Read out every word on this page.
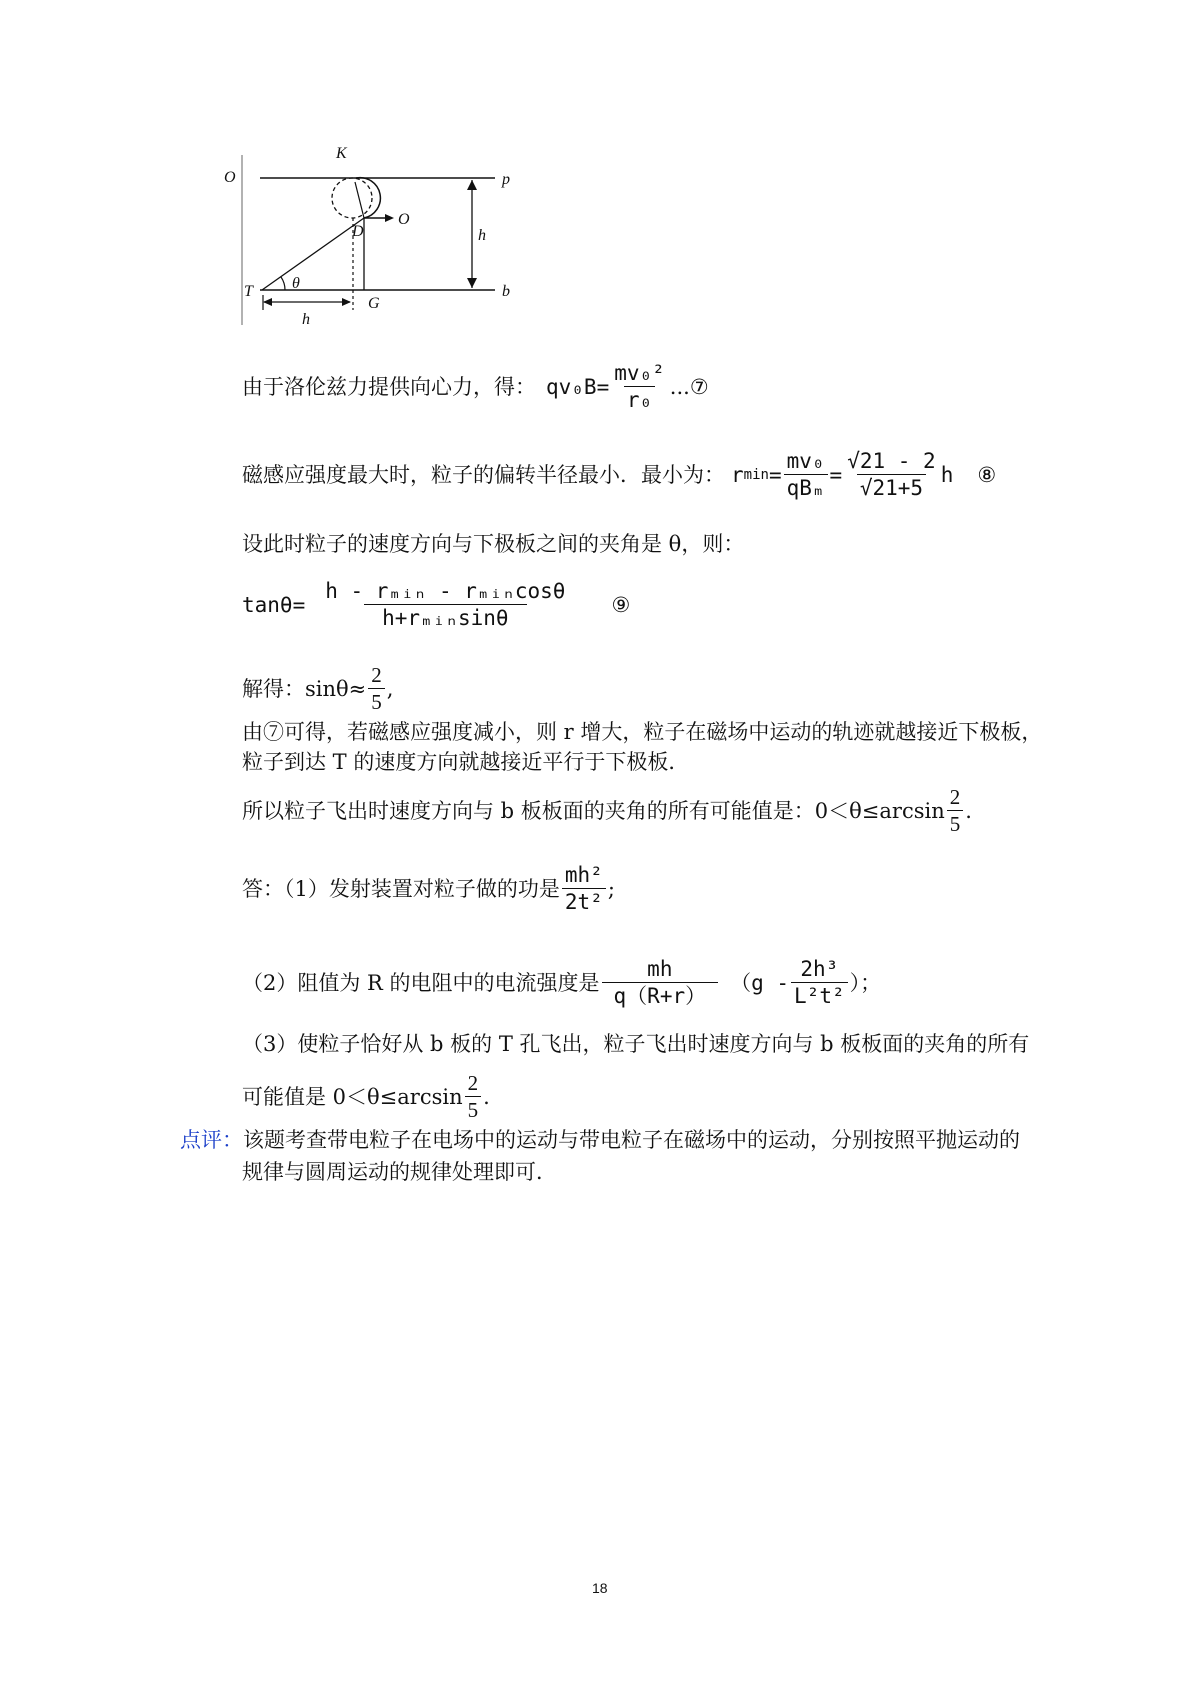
O
K
p
O
D	h
T θ
G
b
h
由于洛伦兹力提供向心力，得： $qv_0B= \frac{\text{mv₀²}}{\text{r₀}}$ ...⑦
磁感应强度最大时，粒子的偏转半径最小．最小为： r $\min = \frac{\text{mv₀}}{\text{qBₘ}} = \frac{√21 - 2}{√21+5}$ h ⑧
设此时粒子的速度方向与下极板之间的夹角是 θ，则：
$\tan\theta= \frac{\text{h - rₘᵢₙ - rₘᵢₙcosθ}}{\text{h+rₘᵢₙsinθ}}$ ⑨
解得：$\sin\theta\approx \frac{2}{5}$ ,
由⑦可得，若磁感应强度减小，则 r 增大，粒子在磁场中运动的轨迹就越接近下极板，
粒子到达 T 的速度方向就越接近平行于下极板．
所以粒子飞出时速度方向与 b 板板面的夹角的所有可能值是：$0<\theta\le\arcsin \frac{2}{5}$ .
答：（1）发射装置对粒子做的功是 $\frac{\text{mh²}}{\text{2t²}}$ ;
（2）阻值为 R 的电阻中的电流强度是 $\frac{mh}{q(R+r)} (g - \frac{\text{2h³}}{\text{L²t²}}$ ）；
（3）使粒子恰好从 b 板的 T 孔飞出，粒子飞出时速度方向与 b 板板面的夹角的所有
可能值是 $0<\theta\le\arcsin \frac{2}{5}$ .
点评：该题考查带电粒子在电场中的运动与带电粒子在磁场中的运动，分别按照平抛运动的
规律与圆周运动的规律处理即可．
18
